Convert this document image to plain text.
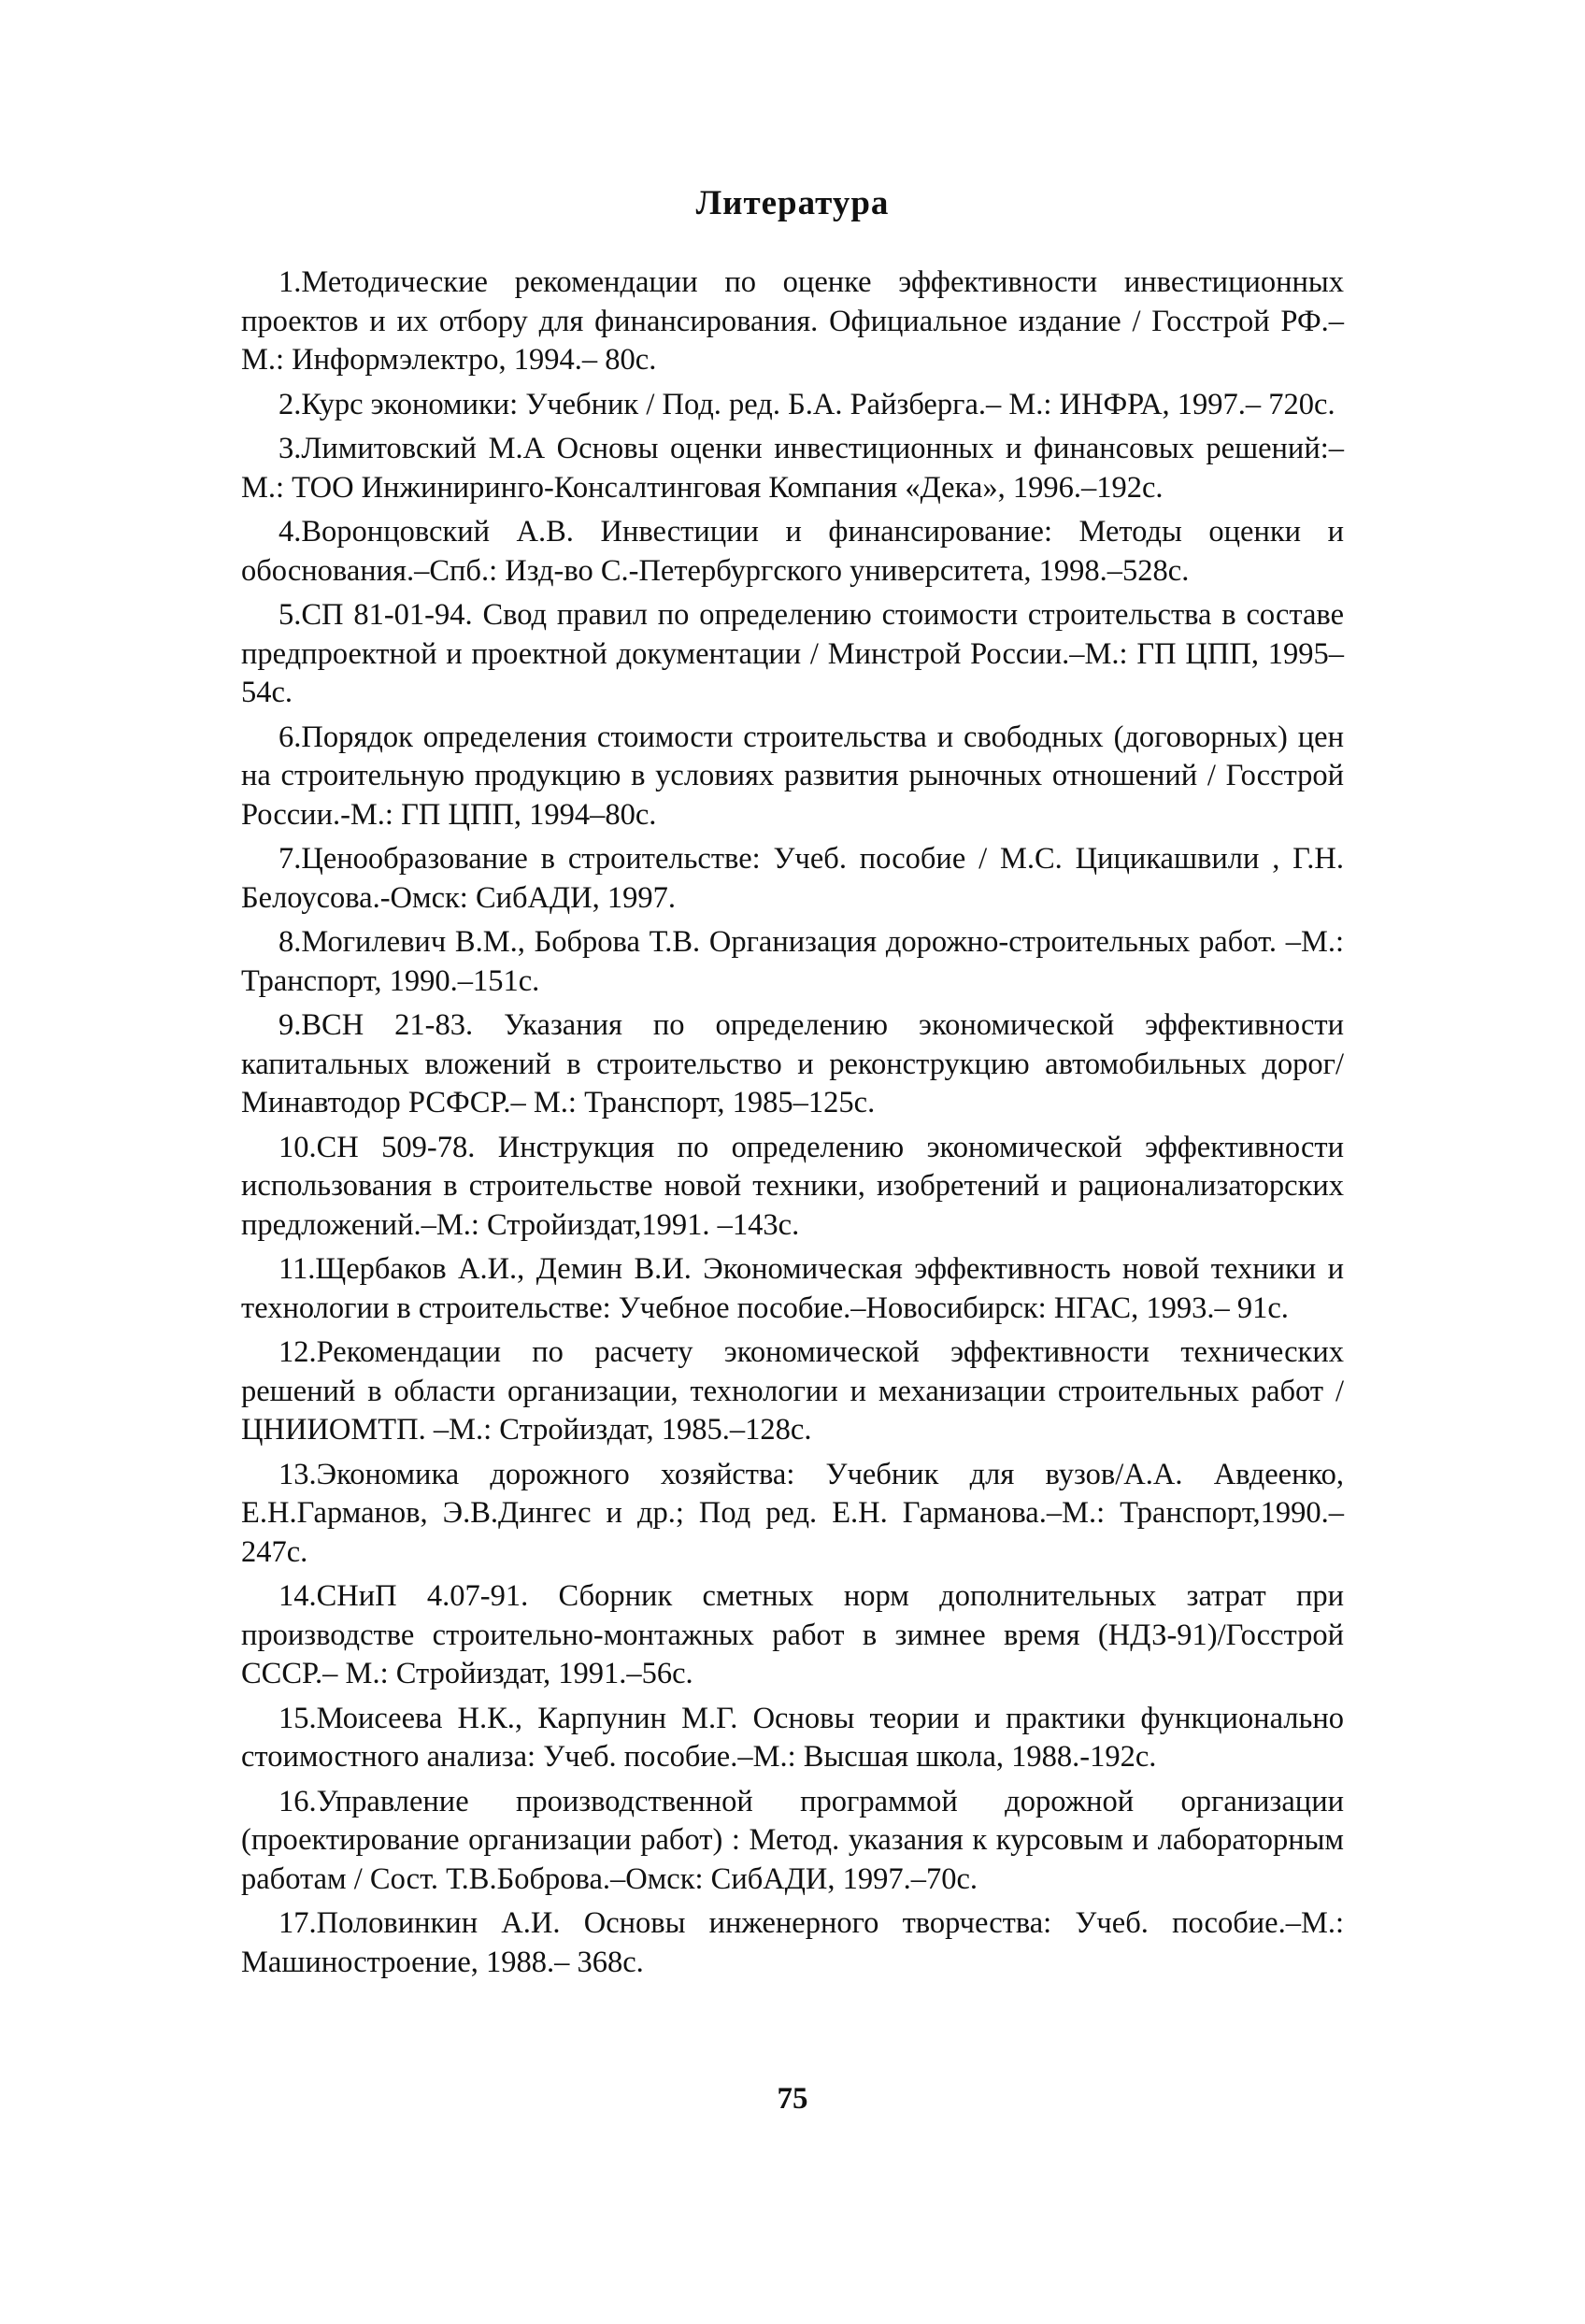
Литература
1.Методические рекомендации по оценке эффективности инвестиционных проектов и их отбору для финансирования. Официальное издание / Госстрой РФ.– М.: Информэлектро, 1994.– 80с.
2.Курс экономики: Учебник / Под. ред. Б.А. Райзберга.– М.: ИНФРА, 1997.– 720с.
3.Лимитовский М.А Основы оценки инвестиционных и финансовых решений:–М.: ТОО Инжиниринго-Консалтинговая Компания «Дека», 1996.–192с.
4.Воронцовский А.В. Инвестиции и финансирование: Методы оценки и обоснования.–Спб.: Изд-во С.-Петербургского университета, 1998.–528с.
5.СП 81-01-94. Свод правил по определению стоимости строительства в составе предпроектной и проектной документации / Минстрой России.–М.: ГП ЦПП, 1995–54с.
6.Порядок определения стоимости строительства и свободных (договорных) цен на строительную продукцию в условиях развития рыночных отношений / Госстрой России.-М.: ГП ЦПП, 1994–80с.
7.Ценообразование в строительстве: Учеб. пособие / М.С. Цицикашвили , Г.Н. Белоусова.-Омск: СибАДИ, 1997.
8.Могилевич В.М., Боброва Т.В. Организация дорожно-строительных работ. –М.: Транспорт, 1990.–151с.
9.ВСН 21-83. Указания по определению экономической эффективности капитальных вложений в строительство и реконструкцию автомобильных дорог/ Минавтодор РСФСР.– М.: Транспорт, 1985–125с.
10.СН 509-78. Инструкция по определению экономической эффективности использования в строительстве новой техники, изобретений и рационализаторских предложений.–М.: Стройиздат,1991. –143с.
11.Щербаков А.И., Демин В.И. Экономическая эффективность новой техники и технологии в строительстве: Учебное пособие.–Новосибирск: НГАС, 1993.– 91с.
12.Рекомендации по расчету экономической эффективности технических решений в области организации, технологии и механизации строительных работ / ЦНИИОМТП. –М.: Стройиздат, 1985.–128с.
13.Экономика дорожного хозяйства: Учебник для вузов/А.А. Авдеенко, Е.Н.Гарманов, Э.В.Дингес и др.; Под ред. Е.Н. Гарманова.–М.: Транспорт,1990.–247с.
14.СНиП 4.07-91. Сборник сметных норм дополнительных затрат при производстве строительно-монтажных работ в зимнее время (НДЗ-91)/Госстрой СССР.– М.: Стройиздат, 1991.–56с.
15.Моисеева Н.К., Карпунин М.Г. Основы теории и практики функционально стоимостного анализа: Учеб. пособие.–М.: Высшая школа, 1988.-192с.
16.Управление производственной программой дорожной организации (проектирование организации работ) : Метод. указания к курсовым и лабораторным работам / Сост. Т.В.Боброва.–Омск: СибАДИ, 1997.–70с.
17.Половинкин А.И. Основы инженерного творчества: Учеб. пособие.–М.: Машиностроение, 1988.– 368с.
75
